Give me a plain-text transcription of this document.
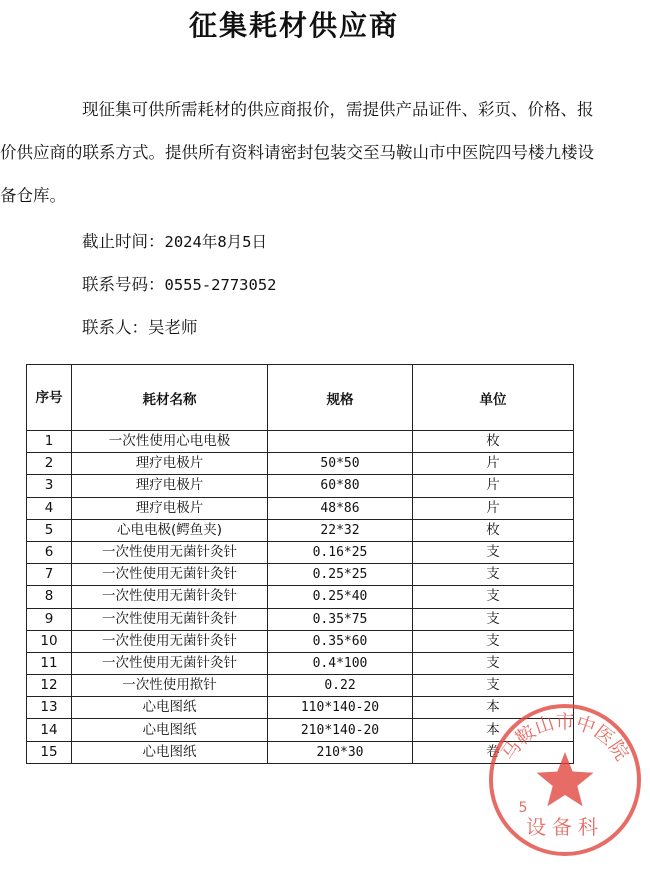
征集耗材供应商

现征集可供所需耗材的供应商报价，需提供产品证件、彩页、价格、报价供应商的联系方式。提供所有资料请密封包装交至马鞍山市中医院四号楼九楼设备仓库。

截止时间：2024年8月5日

联系号码：0555-2773052

联系人：吴老师

序号	耗材名称	规格	单位
1	一次性使用心电电极		枚
2	理疗电极片	50*50	片
3	理疗电极片	60*80	片
4	理疗电极片	48*86	片
5	心电电极(鳄鱼夹)	22*32	枚
6	一次性使用无菌针灸针	0.16*25	支
7	一次性使用无菌针灸针	0.25*25	支
8	一次性使用无菌针灸针	0.25*40	支
9	一次性使用无菌针灸针	0.35*75	支
10	一次性使用无菌针灸针	0.35*60	支
11	一次性使用无菌针灸针	0.4*100	支
12	一次性使用揿针	0.22	支
13	心电图纸	110*140-20	本
14	心电图纸	210*140-20	本
15	心电图纸	210*30	卷
马鞍山市中医院
设备科
5
